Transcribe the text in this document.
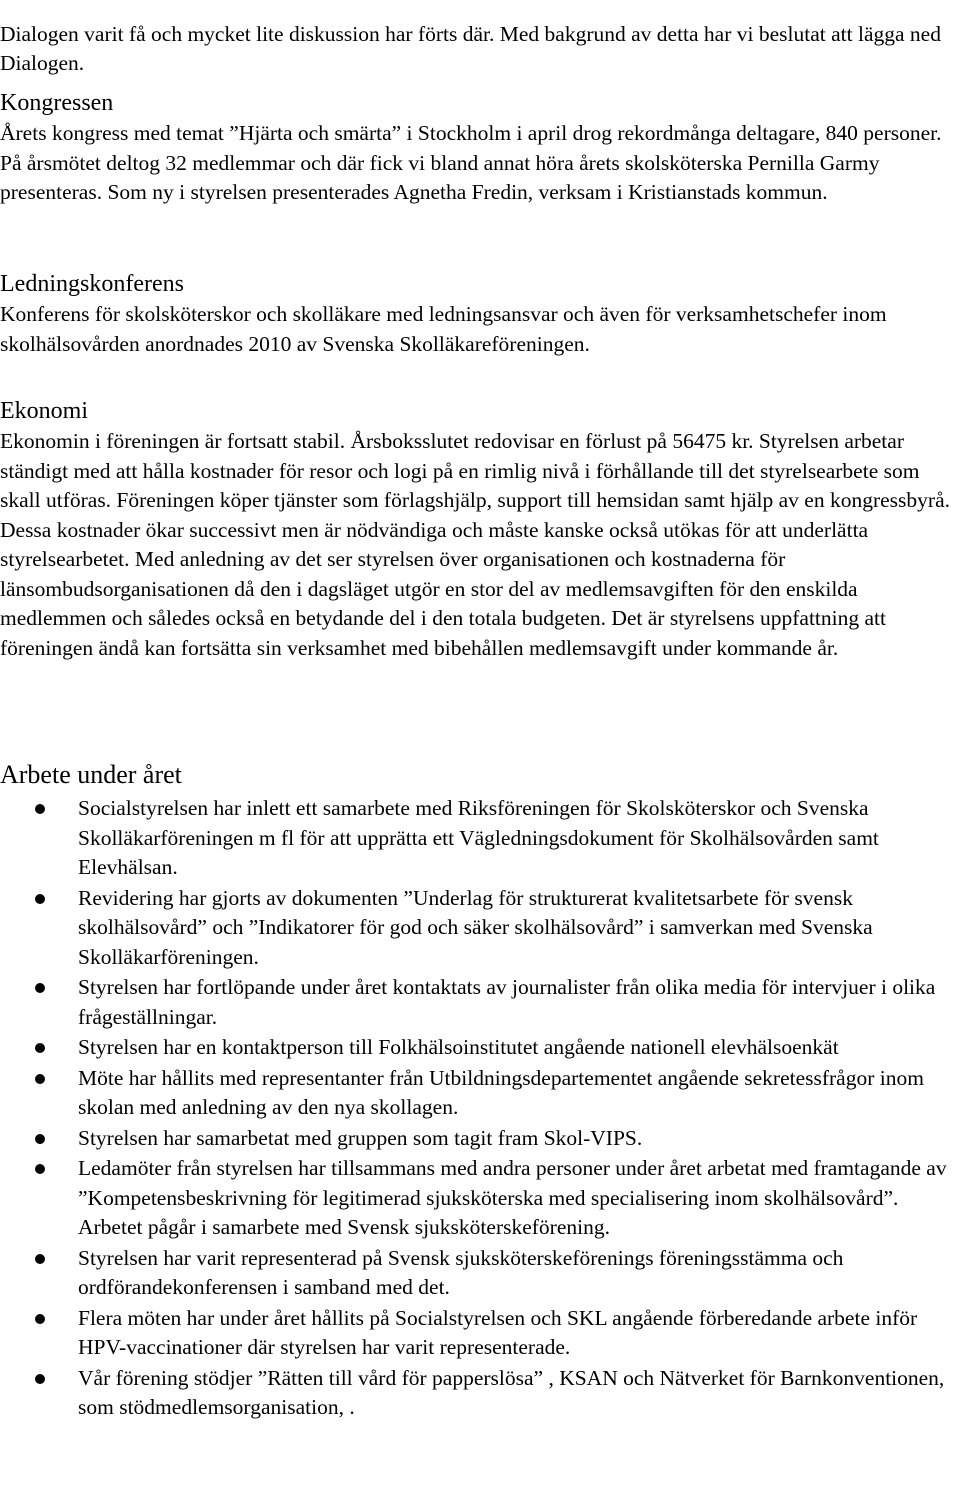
Dialogen varit få och mycket lite diskussion har förts där. Med bakgrund av detta har vi beslutat att lägga ned Dialogen.

Kongressen

Årets kongress med temat ”Hjärta och smärta” i Stockholm i april drog rekordmånga deltagare, 840 personer. På årsmötet deltog 32 medlemmar och där fick vi bland annat höra årets skolsköterska Pernilla Garmy presenteras. Som ny i styrelsen presenterades Agnetha Fredin, verksam i Kristianstads kommun.

Ledningskonferens

Konferens för skolsköterskor och skolläkare med ledningsansvar och även för verksamhetschefer inom skolhälsovården anordnades 2010 av Svenska Skolläkareföreningen.

Ekonomi

Ekonomin i föreningen är fortsatt stabil. Årsboksslutet redovisar en förlust på 56475 kr. Styrelsen arbetar ständigt med att hålla kostnader för resor och logi på en rimlig nivå i förhållande till det styrelsearbete som skall utföras. Föreningen köper tjänster som förlagshjälp, support till hemsidan samt hjälp av en kongressbyrå. Dessa kostnader ökar successivt men är nödvändiga och måste kanske också utökas för att underlätta styrelsearbetet. Med anledning av det ser styrelsen över organisationen och kostnaderna för länsombudsorganisationen då den i dagsläget utgör en stor del av medlemsavgiften för den enskilda medlemmen och således också en betydande del i den totala budgeten. Det är styrelsens uppfattning att föreningen ändå kan fortsätta sin verksamhet med bibehållen medlemsavgift under kommande år.

Arbete under året
Socialstyrelsen har inlett ett samarbete med Riksföreningen för Skolsköterskor och Svenska Skolläkarföreningen m fl för att upprätta ett Vägledningsdokument för Skolhälsovården samt Elevhälsan.
Revidering har gjorts av dokumenten ”Underlag för strukturerat kvalitetsarbete för svensk skolhälsovård” och ”Indikatorer för god och säker skolhälsovård” i samverkan med Svenska Skolläkarföreningen.
Styrelsen har fortlöpande under året kontaktats av journalister från olika media för intervjuer i olika frågeställningar.
Styrelsen har en kontaktperson till Folkhälsoinstitutet angående nationell elevhälsoenkät
Möte har hållits med representanter från Utbildningsdepartementet angående sekretessfrågor inom skolan med anledning av den nya skollagen.
Styrelsen har samarbetat med gruppen som tagit fram Skol-VIPS.
Ledamöter från styrelsen har tillsammans med andra personer under året arbetat med framtagande av ”Kompetensbeskrivning för legitimerad sjuksköterska med specialisering inom skolhälsovård”. Arbetet pågår i samarbete med Svensk sjuksköterskeförening.
Styrelsen har varit representerad på Svensk sjuksköterskeförenings föreningsstämma och ordförandekonferensen i samband med det.
Flera möten har under året hållits på Socialstyrelsen och SKL angående förberedande arbete inför HPV-vaccinationer där styrelsen har varit representerade.
Vår förening stödjer ”Rätten till vård för papperslösa” , KSAN och Nätverket för Barnkonventionen, som stödmedlemsorganisation, .
